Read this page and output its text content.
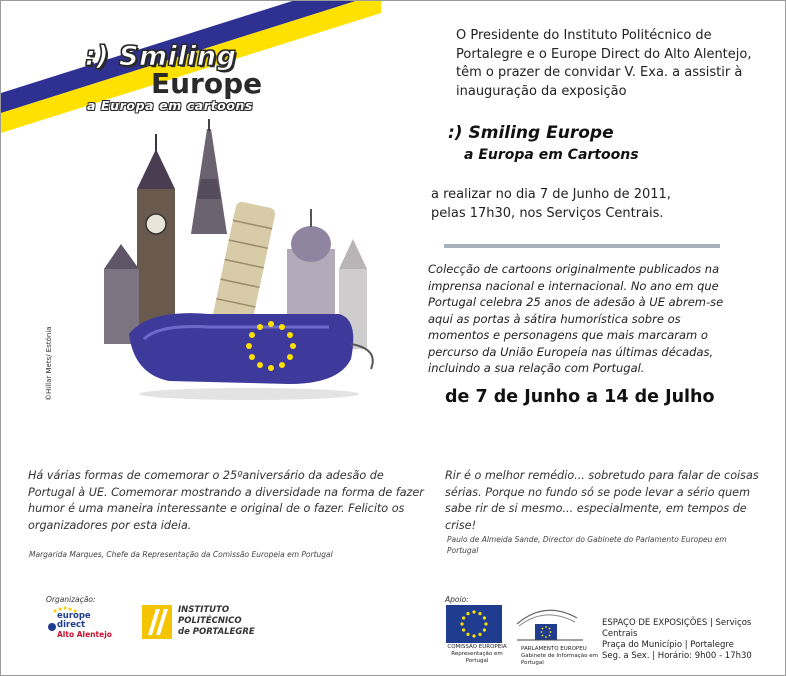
:) Smiling
Europe
a Europa em cartoons
©Hillar Mets/ Estónia

O Presidente do Instituto Politécnico de

Portalegre e o Europe Direct do Alto Alentejo,

têm o prazer de convidar V. Exa. a assistir à

inauguração da exposição

:) Smiling Europe
a Europa em Cartoons

a realizar no dia 7 de Junho de 2011,

pelas 17h30, nos Serviços Centrais.

Colecção de cartoons originalmente publicados na imprensa nacional e internacional. No ano em que Portugal celebra 25 anos de adesão à UE abrem-se aqui as portas à sátira humorística sobre os momentos e personagens que mais marcaram o percurso da União Europeia nas últimas décadas, incluindo a sua relação com Portugal.
de 7 de Junho a 14 de Julho
Há várias formas de comemorar o 25ºaniversário da adesão de Portugal à UE. Comemorar mostrando a diversidade na forma de fazer humor é uma maneira interessante e original de o fazer. Felicito os organizadores por esta ideia.
Margarida Marques, Chefe da Representação da Comissão Europeia em Portugal
Rir é o melhor remédio... sobretudo para falar de coisas sérias. Porque no fundo só se pode levar a sério quem sabe rir de si mesmo... especialmente, em tempos de crise!
Paulo de Almeida Sande, Director do Gabinete do Parlamento Europeu em Portugal
Organização:	Apoio:
europe
direct
Alto Alentejo
INSTITUTO
POLITÉCNICO
de PORTALEGRE
COMISSÃO EUROPEIA
Representação em Portugal
PARLAMENTO EUROPEU
Gabinete de Informação em Portugal

ESPAÇO DE EXPOSIÇÕES | Serviços Centrais

Praça do Município | Portalegre

Seg. a Sex. | Horário: 9h00 - 17h30
